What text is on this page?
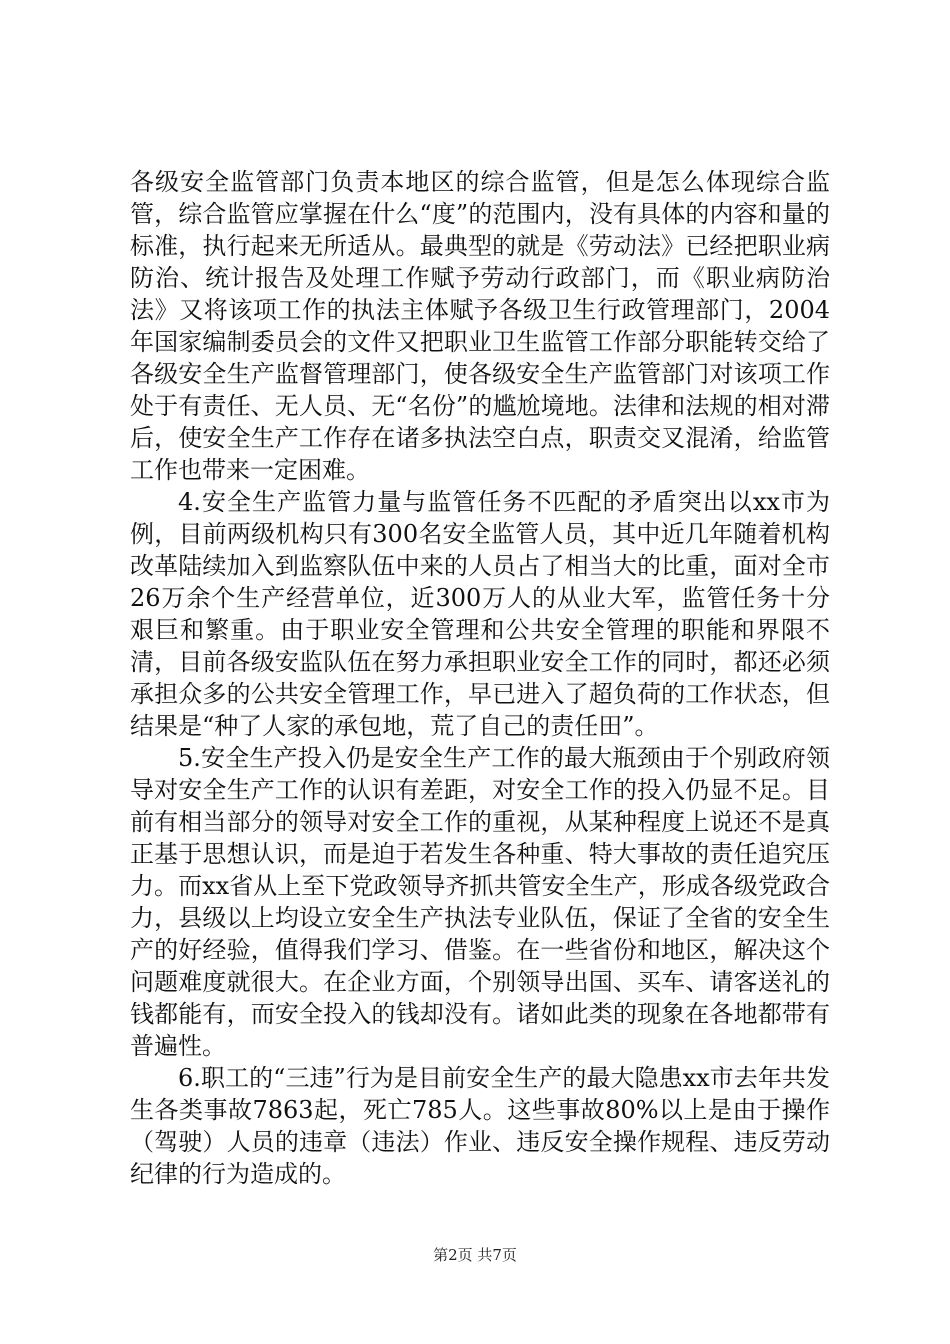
各级安全监管部门负责本地区的综合监管，但是怎么体现综合监管，综合监管应掌握在什么“度”的范围内，没有具体的内容和量的标准，执行起来无所适从。最典型的就是《劳动法》已经把职业病防治、统计报告及处理工作赋予劳动行政部门，而《职业病防治法》又将该项工作的执法主体赋予各级卫生行政管理部门，2004年国家编制委员会的文件又把职业卫生监管工作部分职能转交给了各级安全生产监督管理部门，使各级安全生产监管部门对该项工作处于有责任、无人员、无“名份”的尴尬境地。法律和法规的相对滞后，使安全生产工作存在诸多执法空白点，职责交叉混淆，给监管工作也带来一定困难。

4.安全生产监管力量与监管任务不匹配的矛盾突出以xx市为例，目前两级机构只有300名安全监管人员，其中近几年随着机构改革陆续加入到监察队伍中来的人员占了相当大的比重，面对全市26万余个生产经营单位，近300万人的从业大军，监管任务十分艰巨和繁重。由于职业安全管理和公共安全管理的职能和界限不清，目前各级安监队伍在努力承担职业安全工作的同时，都还必须承担众多的公共安全管理工作，早已进入了超负荷的工作状态，但结果是“种了人家的承包地，荒了自己的责任田”。

5.安全生产投入仍是安全生产工作的最大瓶颈由于个别政府领导对安全生产工作的认识有差距，对安全工作的投入仍显不足。目前有相当部分的领导对安全工作的重视，从某种程度上说还不是真正基于思想认识，而是迫于若发生各种重、特大事故的责任追究压力。而xx省从上至下党政领导齐抓共管安全生产，形成各级党政合力，县级以上均设立安全生产执法专业队伍，保证了全省的安全生产的好经验，值得我们学习、借鉴。在一些省份和地区，解决这个问题难度就很大。在企业方面，个别领导出国、买车、请客送礼的钱都能有，而安全投入的钱却没有。诸如此类的现象在各地都带有普遍性。

6.职工的“三违”行为是目前安全生产的最大隐患xx市去年共发生各类事故7863起，死亡785人。这些事故80%以上是由于操作（驾驶）人员的违章（违法）作业、违反安全操作规程、违反劳动纪律的行为造成的。

第2页 共7页
